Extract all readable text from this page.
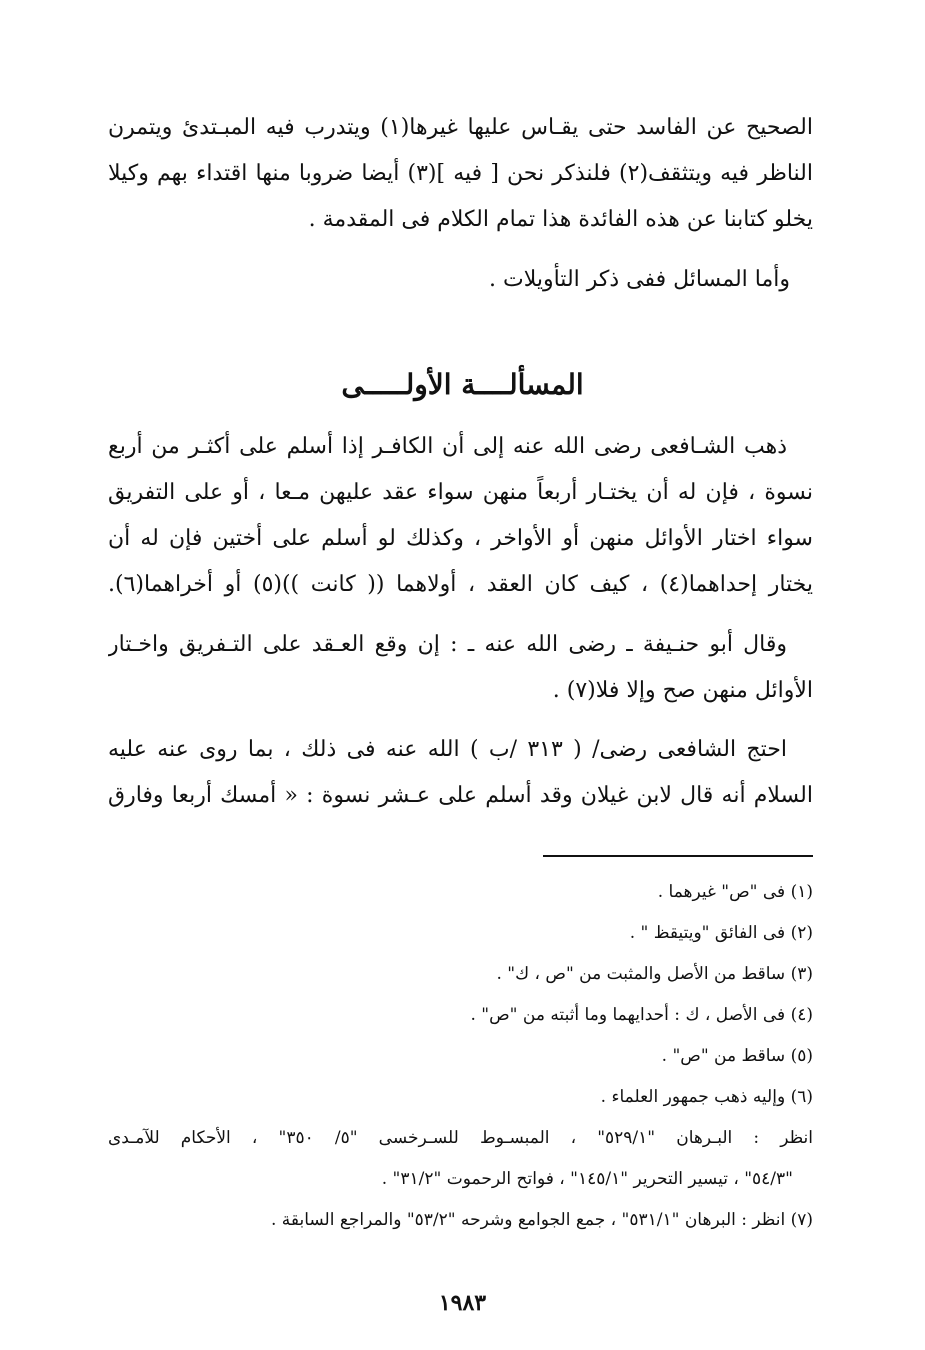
الصحيح عن الفاسد حتى يقـاس عليها غيرها(١) ويتدرب فيه المبـتدئ ويتمرن
الناظر فيه ويتثقف(٢) فلنذكر نحن [ فيه ](٣) أيضا ضروبا منها اقتداء بهم وكيلا
يخلو كتابنا عن هذه الفائدة هذا تمام الكلام فى المقدمة .
وأما المسائل ففى ذكر التأويلات .
المسألــــة الأولـــــى
ذهب الشـافعى رضى الله عنه إلى أن الكافـر إذا أسلم على أكثـر من أربع
نسوة ، فإن له أن يختـار أربعاً منهن سواء عقد عليهن مـعا ، أو على التفريق
سواء اختار الأوائل منهن أو الأواخر ، وكذلك لو أسلم على أختين فإن له أن
يختار إحداهما(٤) ، كيف كان العقد ، أولاهما (( كانت ))(٥) أو أخراهما(٦).
وقال أبو حنـيفة ـ رضى الله عنه ـ : إن وقع العـقد على التـفريق واخـتار
الأوائل منهن صح وإلا فلا(٧) .
احتج الشافعى رضى/ ( ٣١٣ /ب ) الله عنه فى ذلك ، بما روى عنه عليه
السلام أنه قال لابن غيلان وقد أسلم على عـشر نسوة : « أمسك أربعا وفارق
(١) فى "ص" غيرهما .
(٢) فى الفائق "ويتيقظ " .
(٣) ساقط من الأصل والمثبت من "ص ، ك" .
(٤) فى الأصل ، ك : أحدايهما وما أثبته من "ص" .
(٥) ساقط من "ص" .
(٦) وإليه ذهب جمهور العلماء .
انظر : البـرهان "٥٢٩/١" ، المبسـوط للسـرخسى "٥/ ٣٥٠" ، الأحكام للآمـدى
"٥٤/٣" ، تيسير التحرير "١٤٥/١" ، فواتح الرحموت "٣١/٢" .
(٧) انظر : البرهان "٥٣١/١" ، جمع الجوامع وشرحه "٥٣/٢" والمراجع السابقة .
١٩٨٣
